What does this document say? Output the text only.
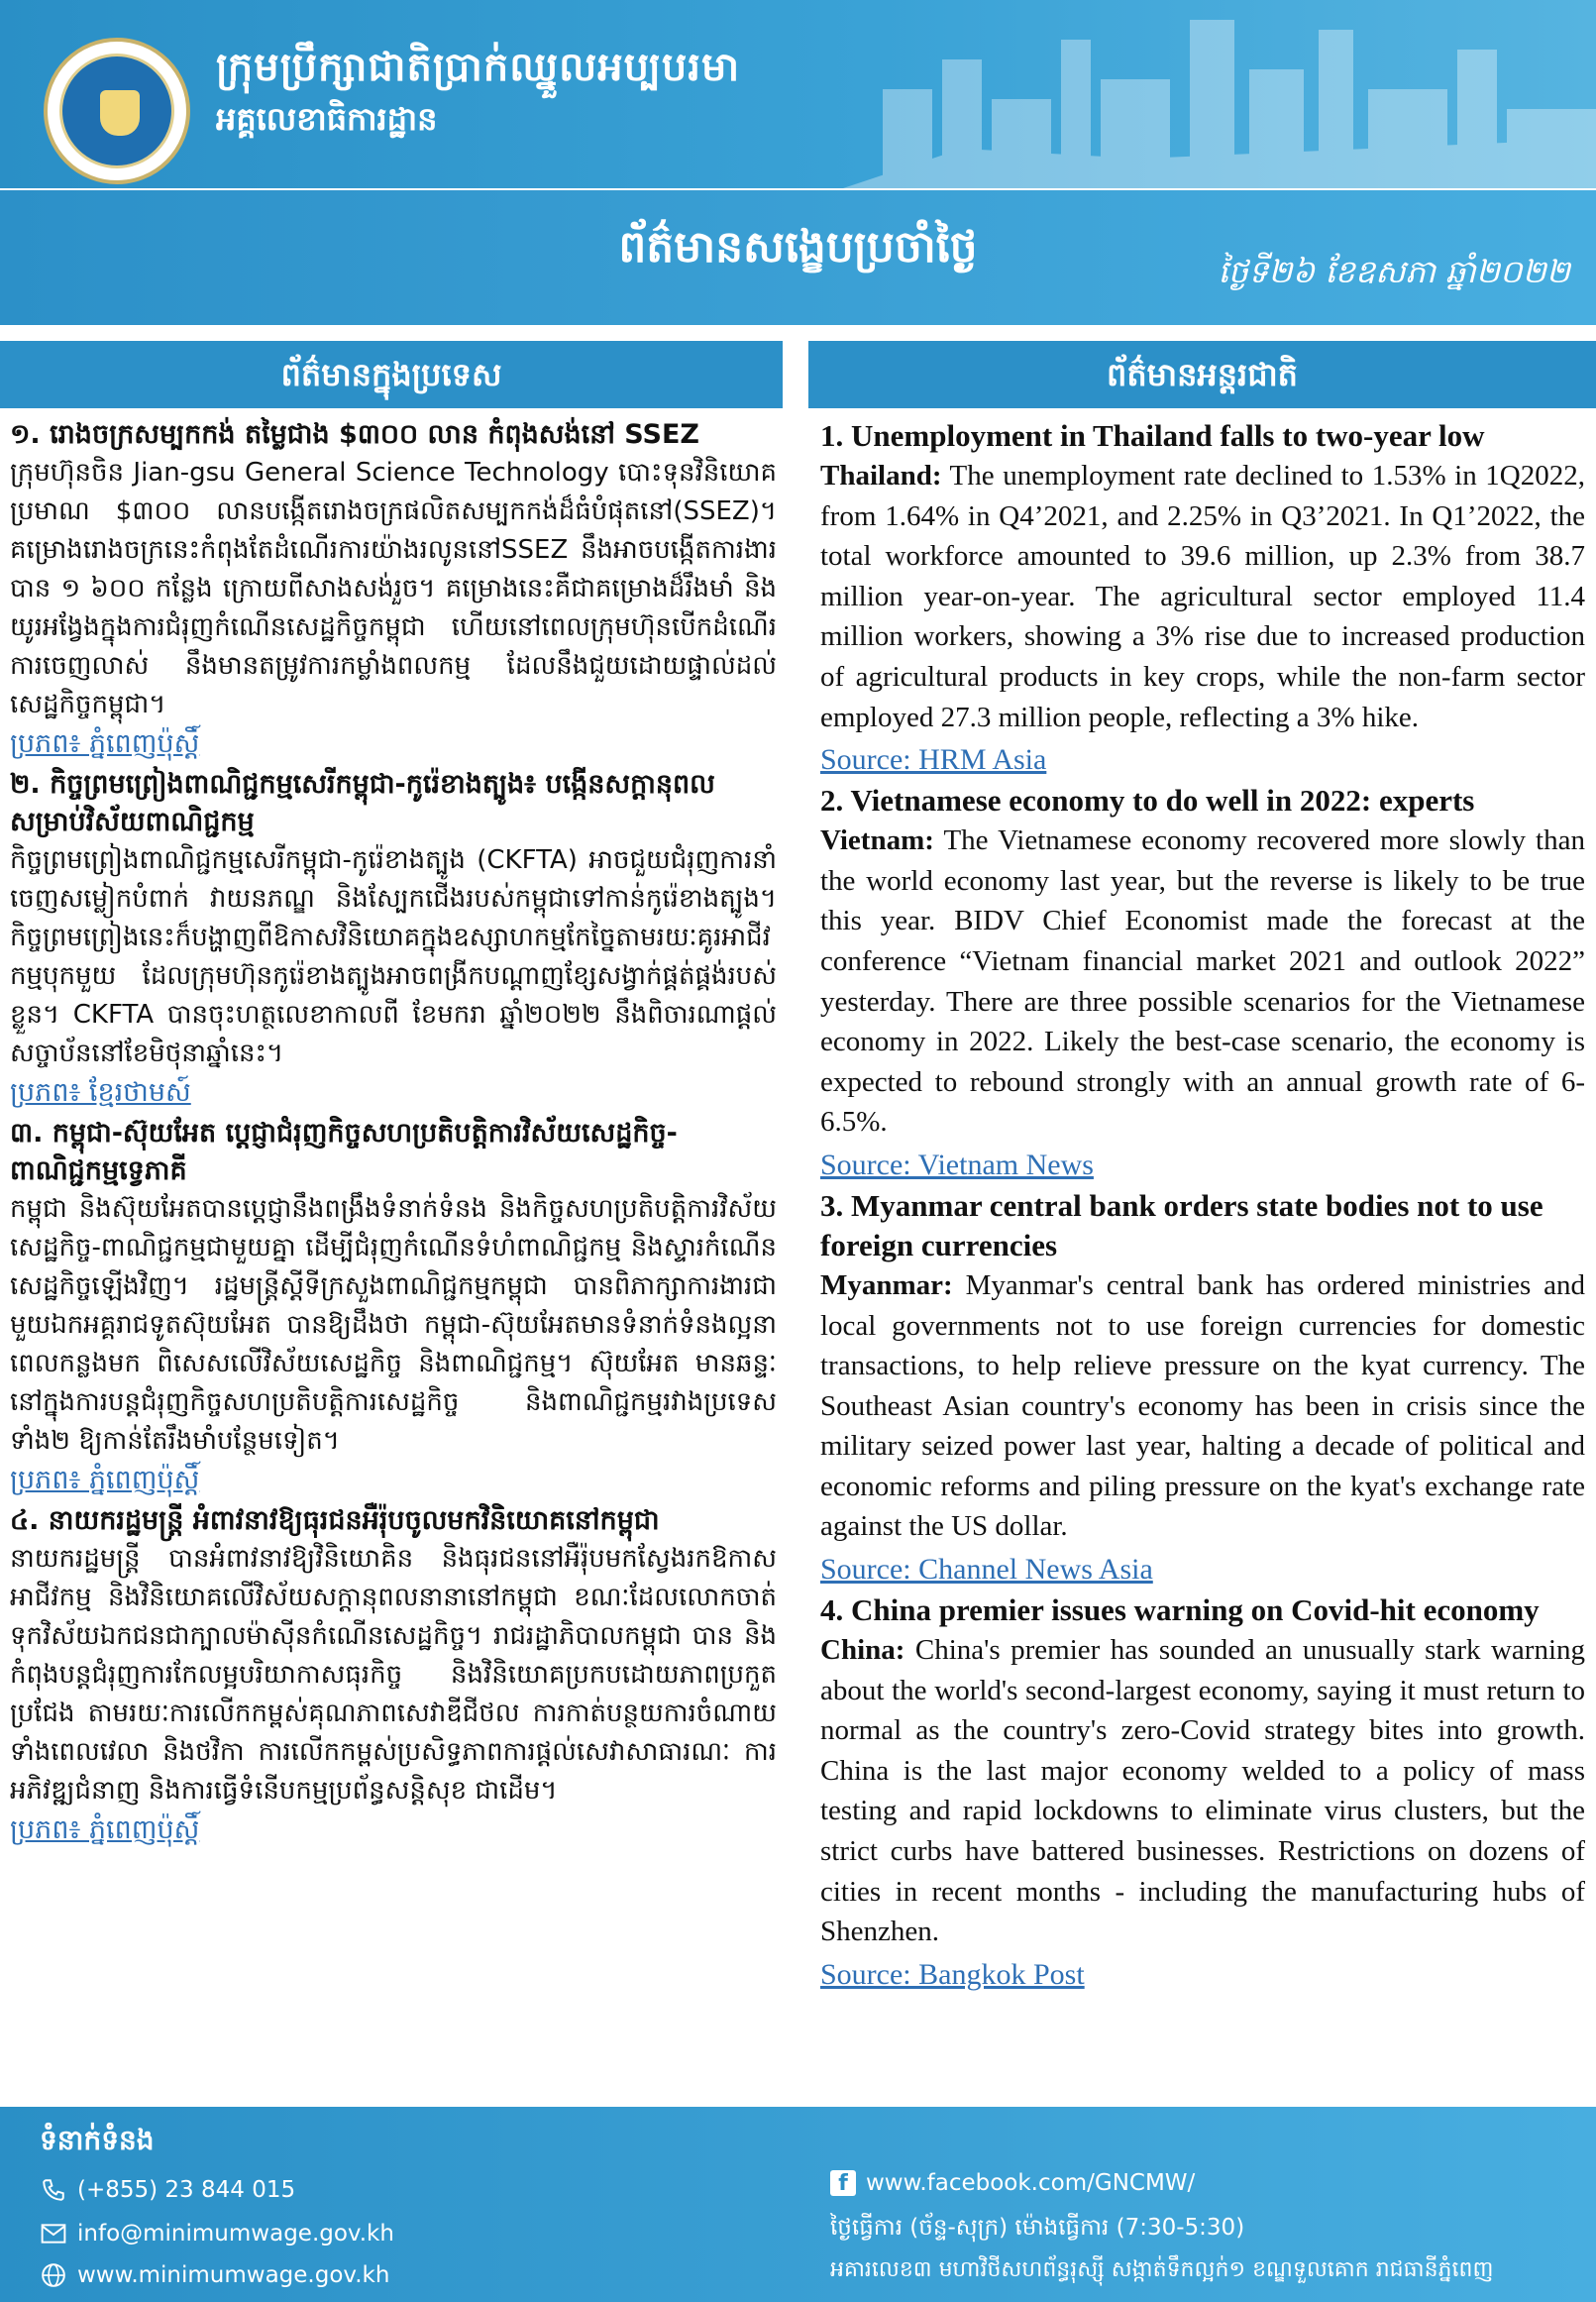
ក្រុមប្រឹក្សាជាតិប្រាក់ឈ្នួលអប្បបរមា
អគ្គលេខាធិការដ្ឋាន
ព័ត៌មានសង្ខេបប្រចាំថ្ងៃ	ថ្ងៃទី២៦ ខែឧសភា ឆ្នាំ២០២២
ព័ត៌មានក្នុងប្រទេស	ព័ត៌មានអន្តរជាតិ
១. រោងចក្រសម្បកកង់ តម្លៃជាង $៣០០ លាន កំពុងសង់នៅ SSEZ
ក្រុមហ៊ុនចិន Jian-gsu General Science Technology បោះទុនវិនិយោគប្រមាណ $៣០០ លានបង្កើតរោងចក្រផលិតសម្បកកង់ដ៏ធំបំផុតនៅ(SSEZ)។ គម្រោងរោងចក្រនេះកំពុងតែដំណើរការយ៉ាងរលូននៅSSEZ នឹងអាចបង្កើតការងារបាន ១ ៦០០ កន្លែង ក្រោយពីសាងសង់រួច។ គម្រោងនេះគឺជាគម្រោងដ៏រឹងមាំ និងយូរអង្វែងក្នុងការជំរុញកំណើនសេដ្ឋកិច្ចកម្ពុជា ហើយនៅពេលក្រុមហ៊ុនបើកដំណើរការចេញលាស់ នឹងមានតម្រូវការកម្លាំងពលកម្ម ដែលនឹងជួយដោយផ្ទាល់ដល់សេដ្ឋកិច្ចកម្ពុជា។
ប្រភព៖ ភ្នំពេញប៉ុស្ដិ៍
២. កិច្ចព្រមព្រៀងពាណិជ្ជកម្មសេរីកម្ពុជា-កូរ៉េខាងត្បូង៖ បង្កើនសក្ដានុពលសម្រាប់វិស័យពាណិជ្ជកម្ម
កិច្ចព្រមព្រៀងពាណិជ្ជកម្មសេរីកម្ពុជា-កូរ៉េខាងត្បូង (CKFTA) អាចជួយជំរុញការនាំចេញសម្លៀកបំពាក់ វាយនភណ្ឌ និងស្បែកជើងរបស់កម្ពុជាទៅកាន់កូរ៉េខាងត្បូង។ កិច្ចព្រមព្រៀងនេះក៏បង្ហាញពីឱកាសវិនិយោគក្នុងឧស្សាហកម្មកែច្នៃតាមរយៈគូរអាជីវកម្មបុកមួយ ដែលក្រុមហ៊ុនកូរ៉េខាងត្បូងអាចពង្រីកបណ្ដាញខ្សែសង្វាក់ផ្គត់ផ្គង់របស់ខ្លួន។ CKFTA បានចុះហត្ថលេខាកាលពី ខែមករា ឆ្នាំ២០២២ នឹងពិចារណាផ្ដល់សច្ចាប័ននៅខែមិថុនាឆ្នាំនេះ។
ប្រភព៖ ខ្មែរថាមស៍
៣. កម្ពុជា-ស៊ុយអែត ប្ដេជ្ញាជំរុញកិច្ចសហប្រតិបត្តិការវិស័យសេដ្ឋកិច្ច-ពាណិជ្ជកម្មទ្វេភាគី
កម្ពុជា និងស៊ុយអែតបានប្ដេជ្ញានឹងពង្រឹងទំនាក់ទំនង និងកិច្ចសហប្រតិបត្តិការវិស័យសេដ្ឋកិច្ច-ពាណិជ្ជកម្មជាមួយគ្នា ដើម្បីជំរុញកំណើនទំហំពាណិជ្ជកម្ម និងស្ទារកំណើនសេដ្ឋកិច្ចឡើងវិញ។ រដ្ឋមន្ត្រីស្ដីទីក្រសួងពាណិជ្ជកម្មកម្ពុជា បានពិភាក្សាការងារជាមួយឯកអគ្គរាជទូតស៊ុយអែត បានឱ្យដឹងថា កម្ពុជា-ស៊ុយអែតមានទំនាក់ទំនងល្អនាពេលកន្លងមក ពិសេសលើវិស័យសេដ្ឋកិច្ច និងពាណិជ្ជកម្ម។ ស៊ុយអែត មានឆន្ទៈនៅក្នុងការបន្តជំរុញកិច្ចសហប្រតិបត្តិការសេដ្ឋកិច្ច និងពាណិជ្ជកម្មរវាងប្រទេសទាំង២ ឱ្យកាន់តែរឹងមាំបន្ថែមទៀត។
ប្រភព៖ ភ្នំពេញប៉ុស្ដិ៍
៤. នាយករដ្ឋមន្ត្រី អំពាវនាវឱ្យធុរជនអឺរ៉ុបចូលមកវិនិយោគនៅកម្ពុជា
នាយករដ្ឋមន្ត្រី បានអំពាវនាវឱ្យវិនិយោគិន និងធុរជននៅអឺរ៉ុបមកស្វែងរកឱកាសអាជីវកម្ម និងវិនិយោគលើវិស័យសក្ដានុពលនានានៅកម្ពុជា ខណៈដែលលោកចាត់ទុកវិស័យឯកជនជាក្បាលម៉ាស៊ីនកំណើនសេដ្ឋកិច្ច។ រាជរដ្ឋាភិបាលកម្ពុជា បាន និងកំពុងបន្តជំរុញការកែលម្អបរិយាកាសធុរកិច្ច និងវិនិយោគប្រកបដោយភាពប្រកួតប្រជែង តាមរយៈការលើកកម្ពស់គុណភាពសេវាឌីជីថល ការកាត់បន្ថយការចំណាយទាំងពេលវេលា និងថវិកា ការលើកកម្ពស់ប្រសិទ្ធភាពការផ្ដល់សេវាសាធារណៈ ការអភិវឌ្ឍជំនាញ និងការធ្វើទំនើបកម្មប្រព័ន្ធសន្តិសុខ ជាដើម។
ប្រភព៖ ភ្នំពេញប៉ុស្ដិ៍
1. Unemployment in Thailand falls to two-year low
Thailand: The unemployment rate declined to 1.53% in 1Q2022, from 1.64% in Q4’2021, and 2.25% in Q3’2021. In Q1’2022, the total workforce amounted to 39.6 million, up 2.3% from 38.7 million year-on-year. The agricultural sector employed 11.4 million workers, showing a 3% rise due to increased production of agricultural products in key crops, while the non-farm sector employed 27.3 million people, reflecting a 3% hike.
Source: HRM Asia
2. Vietnamese economy to do well in 2022: experts
Vietnam: The Vietnamese economy recovered more slowly than the world economy last year, but the reverse is likely to be true this year. BIDV Chief Economist made the forecast at the conference “Vietnam financial market 2021 and outlook 2022” yesterday. There are three possible scenarios for the Vietnamese economy in 2022. Likely the best-case scenario, the economy is expected to rebound strongly with an annual growth rate of 6-6.5%.
Source: Vietnam News
3. Myanmar central bank orders state bodies not to use foreign currencies
Myanmar: Myanmar's central bank has ordered ministries and local governments not to use foreign currencies for domestic transactions, to help relieve pressure on the kyat currency. The Southeast Asian country's economy has been in crisis since the military seized power last year, halting a decade of political and economic reforms and piling pressure on the kyat's exchange rate against the US dollar.
Source: Channel News Asia
4. China premier issues warning on Covid-hit economy
China: China's premier has sounded an unusually stark warning about the world's second-largest economy, saying it must return to normal as the country's zero-Covid strategy bites into growth. China is the last major economy welded to a policy of mass testing and rapid lockdowns to eliminate virus clusters, but the strict curbs have battered businesses. Restrictions on dozens of cities in recent months - including the manufacturing hubs of Shenzhen.
Source: Bangkok Post
ទំនាក់ទំនង
(+855) 23 844 015
info@minimumwage.gov.kh
www.minimumwage.gov.kh
f www.facebook.com/GNCMW/
ថ្ងៃធ្វើការ (ច័ន្ទ-សុក្រ) ម៉ោងធ្វើការ (7:30-5:30)
អគារលេខ៣ មហាវិថីសហព័ន្ធរុស្ស៊ី សង្កាត់ទឹកល្អក់១ ខណ្ឌទួលគោក រាជធានីភ្នំពេញ
